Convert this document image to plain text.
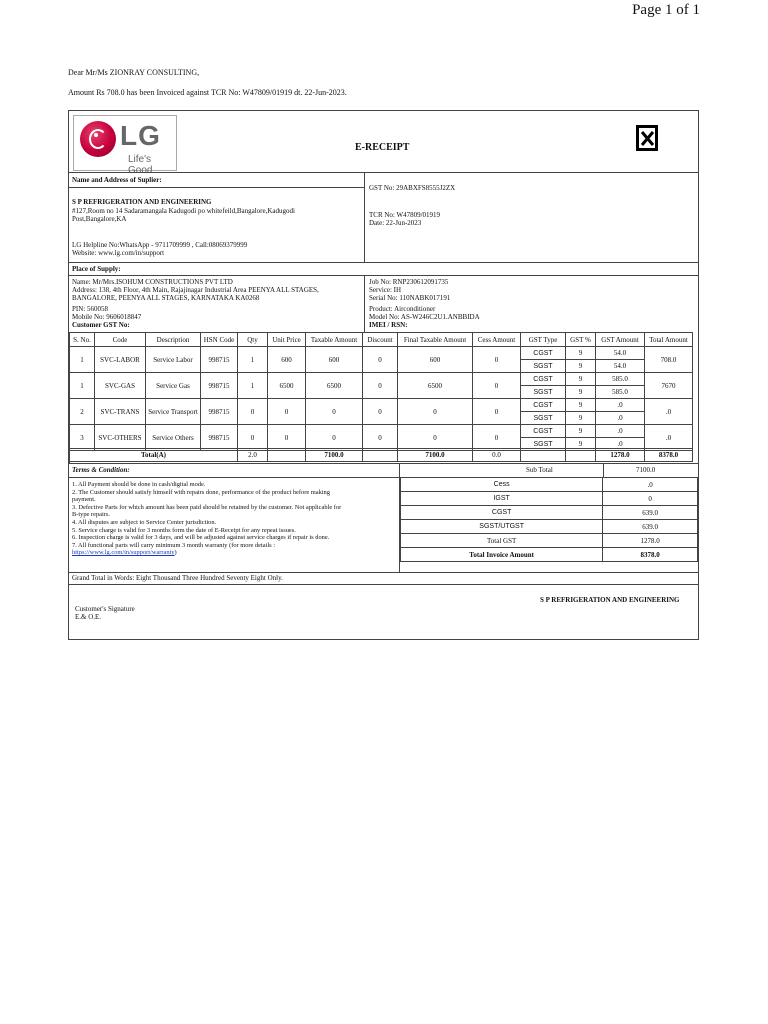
Page 1 of 1
Dear Mr/Ms ZIONRAY CONSULTING,
Amount Rs 708.0 has been Invoiced against TCR No: W47809/01919 dt. 22-Jun-2023.
LG
Life's Good
E-RECEIPT
Name and Address of Suplier:
S P REFRIGERATION AND ENGINEERING
#127,Room no 14 Sadaramangala Kadugodi po whitefeild,Bangalore,Kadugodi
Post,Bangalore,KA
LG Helpline No:WhatsApp - 9711709999 , Call:08069379999
Website: www.lg.com/in/support
GST No: 29ABXFS8555J2ZX
TCR No: W47809/01919
Date: 22-Jun-2023
Place of Supply:
Name: Mr/Mrs.ISOHUM CONSTRUCTIONS PVT LTD
Address: 138, 4th Floor, 4th Main, Rajajinagar Industrial Area PEENYA ALL STAGES,
BANGALORE, PEENYA ALL STAGES, KARNATAKA KA0268
PIN: 560058
Mobile No: 9606018847
Customer GST No:
Job No: RNP230612091735
Service: IH
Serial No: 110NABK017191
Product: Airconditioner
Model No: AS-W246C2U1.ANBBIDA
IMEI / RSN:
S. No.	Code	Description	HSN Code	Qty	Unit Price	Taxable Amount	Discount	Final Taxable Amount	Cess Amount	GST Type	GST %	GST Amount	Total Amount
1	SVC-LABOR	Service Labor	998715	1	600	600	0	600	0	CGST	9	54.0	708.0
										SGST	9	54.0	
1	SVC-GAS	Service Gas	998715	1	6500	6500	0	6500	0	CGST	9	585.0	7670
										SGST	9	585.0	
2	SVC-TRANS	Service Transport	998715	0	0	0	0	0	0	CGST	9	.0	.0
										SGST	9	.0	
3	SVC-OTHERS	Service Others	998715	0	0	0	0	0	0	CGST	9	.0	.0
										SGST	9	.0	

Total(A)	2.0		7100.0		7100.0	0.0			1278.0	8378.0
Terms & Condition:
1. All Payment should be done in cash/digital mode.
2. The Customer should satisfy himself with repairs done, performance of the product before making
payment.
3. Defective Parts for which amount has been paid should be retained by the customer. Not applicable for
B-type repairs.
4. All disputes are subject to Service Center jurisdiction.
5. Service charge is valid for 3 months form the date of E-Receipt for any repeat issues.
6. Inspection charge is valid for 3 days, and will be adjusted against service charges if repair is done.
7. All functional parts will carry minimum 3 month warranty (for more details :
https://www.lg.com/in/support/warranty)
Sub Total	7100.0
Cess	.0
IGST	0
CGST	639.0
SGST/UTGST	639.0
Total GST	1278.0
Total Invoice Amount	8378.0
Grand Total in Words: Eight Thousand Three Hundred Seventy Eight Only.
S P REFRIGERATION AND ENGINEERING
Customer's Signature
E.& O.E.
